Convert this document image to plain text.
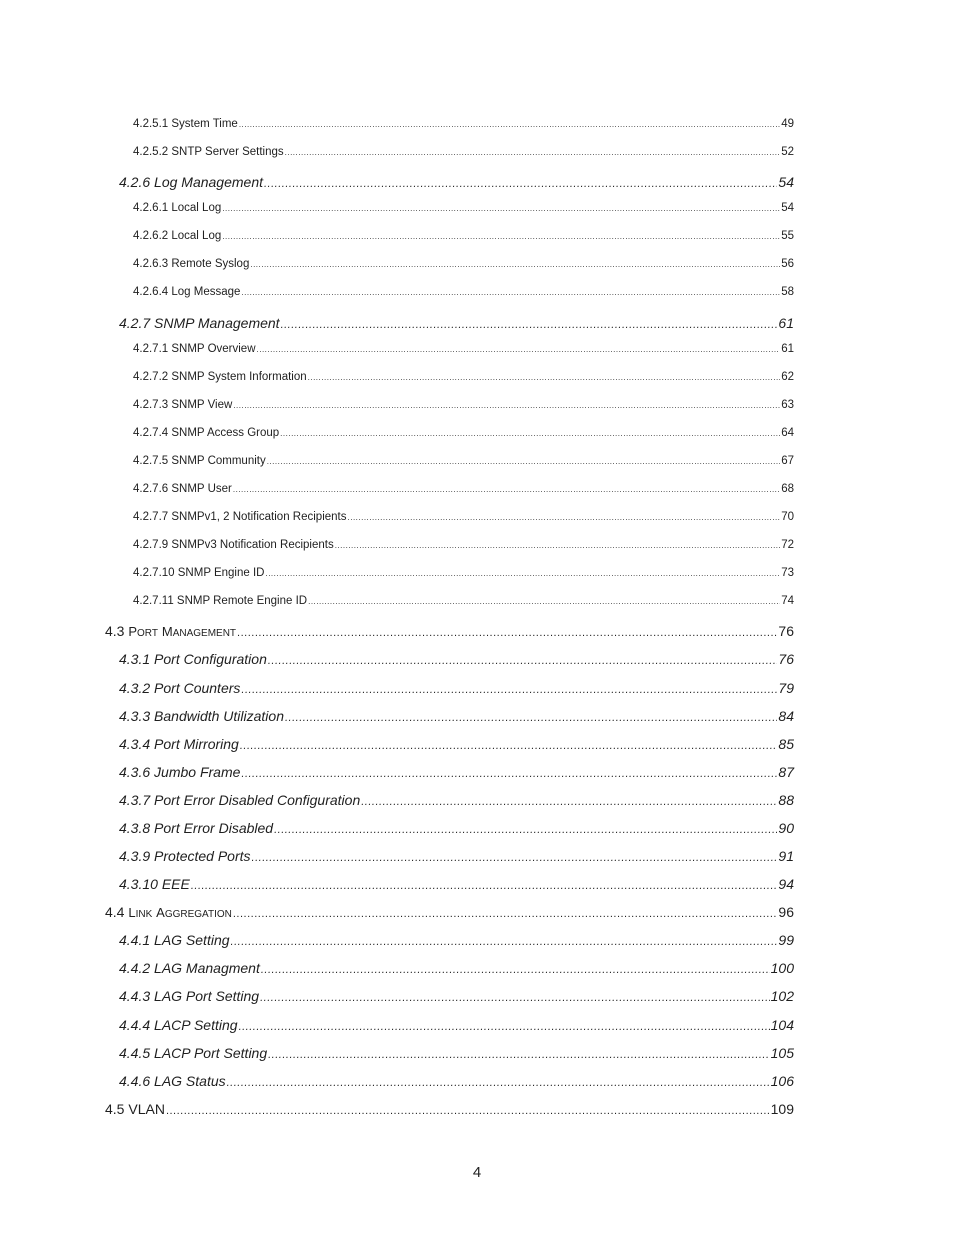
4.2.5.1 System Time .....	49
4.2.5.2 SNTP Server Settings .....	52
4.2.6 Log Management .....	54
4.2.6.1 Local Log .....	54
4.2.6.2 Local Log .....	55
4.2.6.3 Remote Syslog .....	56
4.2.6.4 Log Message .....	58
4.2.7 SNMP Management .....	61
4.2.7.1 SNMP Overview .....	61
4.2.7.2 SNMP System Information .....	62
4.2.7.3 SNMP View .....	63
4.2.7.4 SNMP Access Group .....	64
4.2.7.5 SNMP Community .....	67
4.2.7.6 SNMP User .....	68
4.2.7.7 SNMPv1, 2 Notification Recipients .....	70
4.2.7.9 SNMPv3 Notification Recipients .....	72
4.2.7.10 SNMP Engine ID .....	73
4.2.7.11 SNMP Remote Engine ID .....	74
4.3 PORT MANAGEMENT .....	76
4.3.1 Port Configuration .....	76
4.3.2 Port Counters .....	79
4.3.3 Bandwidth Utilization .....	84
4.3.4 Port Mirroring .....	85
4.3.6 Jumbo Frame .....	87
4.3.7 Port Error Disabled Configuration .....	88
4.3.8 Port Error Disabled .....	90
4.3.9 Protected Ports .....	91
4.3.10 EEE .....	94
4.4 LINK AGGREGATION .....	96
4.4.1 LAG Setting .....	99
4.4.2 LAG Managment .....	100
4.4.3 LAG Port Setting .....	102
4.4.4 LACP Setting .....	104
4.4.5 LACP Port Setting .....	105
4.4.6 LAG Status .....	106
4.5 VLAN .....	109
4
